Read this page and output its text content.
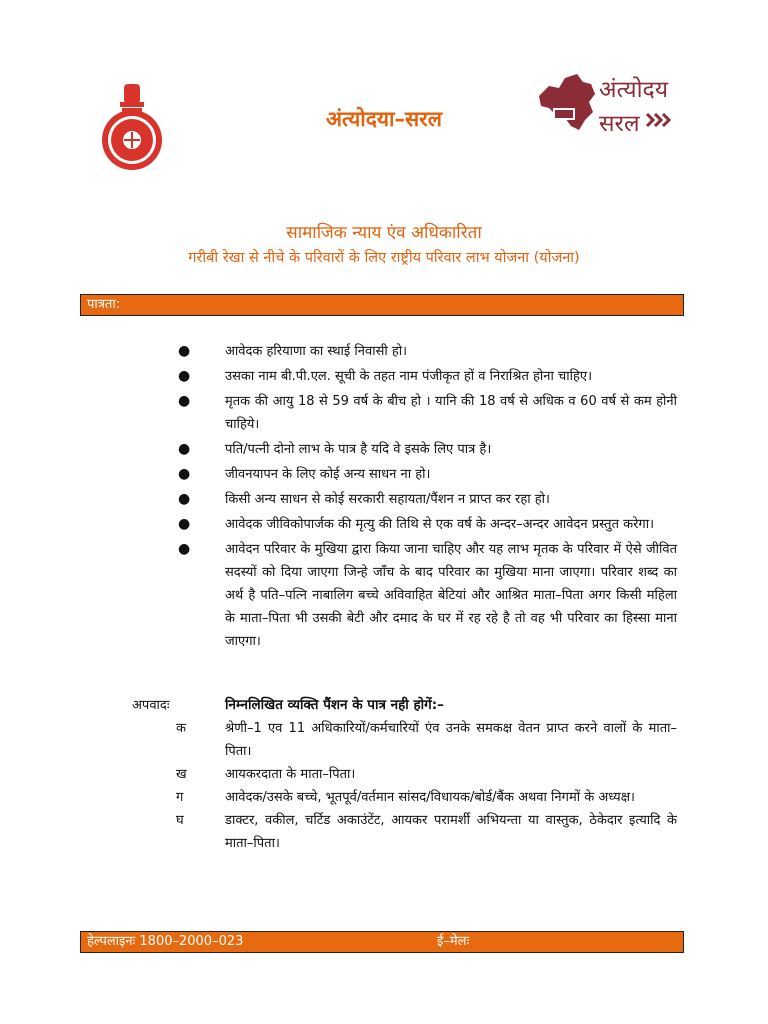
अंत्योदया–सरल
अंत्योदय
सरल
सामाजिक न्याय एंव अधिकारिता
गरीबी रेखा से नीचे के परिवारों के लिए राष्ट्रीय परिवार लाभ योजना (योजना)
पात्रता:
●	आवेदक हरियाणा का स्थाई निवासी हो।
●	उसका नाम बी.पी.एल. सूची के तहत नाम पंजीकृत हों व निराश्रित होना चाहिए।
●	मृतक की आयु 18 से 59 वर्ष के बीच हो । यानि की 18 वर्ष से अधिक व 60 वर्ष से कम होनी चाहिये।
●	पति/पत्नी दोनो लाभ के पात्र है यदि वे इसके लिए पात्र है।
●	जीवनयापन के लिए कोई अन्य साधन ना हो।
●	किसी अन्य साधन से कोई सरकारी सहायता/पैंशन न प्राप्त कर रहा हो।
●	आवेदक जीविकोपार्जक की मृत्यु की तिथि से एक वर्ष के अन्दर–अन्दर आवेदन प्रस्तुत करेगा।
●	आवेदन परिवार के मुखिया द्वारा किया जाना चाहिए और यह लाभ मृतक के परिवार में ऐसे जीवित सदस्यों को दिया जाएगा जिन्हे जाँच के बाद परिवार का मुखिया माना जाएगा। परिवार शब्द का अर्थ है पति–पत्नि नाबालिग बच्चे अविवाहित बेटियां और आश्रित माता–पिता अगर किसी महिला के माता–पिता भी उसकी बेटी और दमाद के घर में रह रहे है तो वह भी परिवार का हिस्सा माना जाएगा।
अपवादः	निम्नलिखित व्यक्ति पैंशन के पात्र नही होगें:–
क	श्रेणी–1 एव 11 अधिकारियों/कर्मचारियों एंव उनके समकक्ष वेतन प्राप्त करने वालों के माता–पिता।
ख	आयकरदाता के माता–पिता।
ग	आवेदक/उसके बच्चे, भूतपूर्व/वर्तमान सांसद/विधायक/बोर्ड/बैंक अथवा निगमों के अध्यक्ष।
घ	डाक्टर, वकील, चर्टिड अकाउंटेंट, आयकर परामर्शी अभियन्ता या वास्तुक, ठेकेदार इत्यादि के माता–पिता।
हेल्पलाइनः 1800–2000–023	ई–मेलः
